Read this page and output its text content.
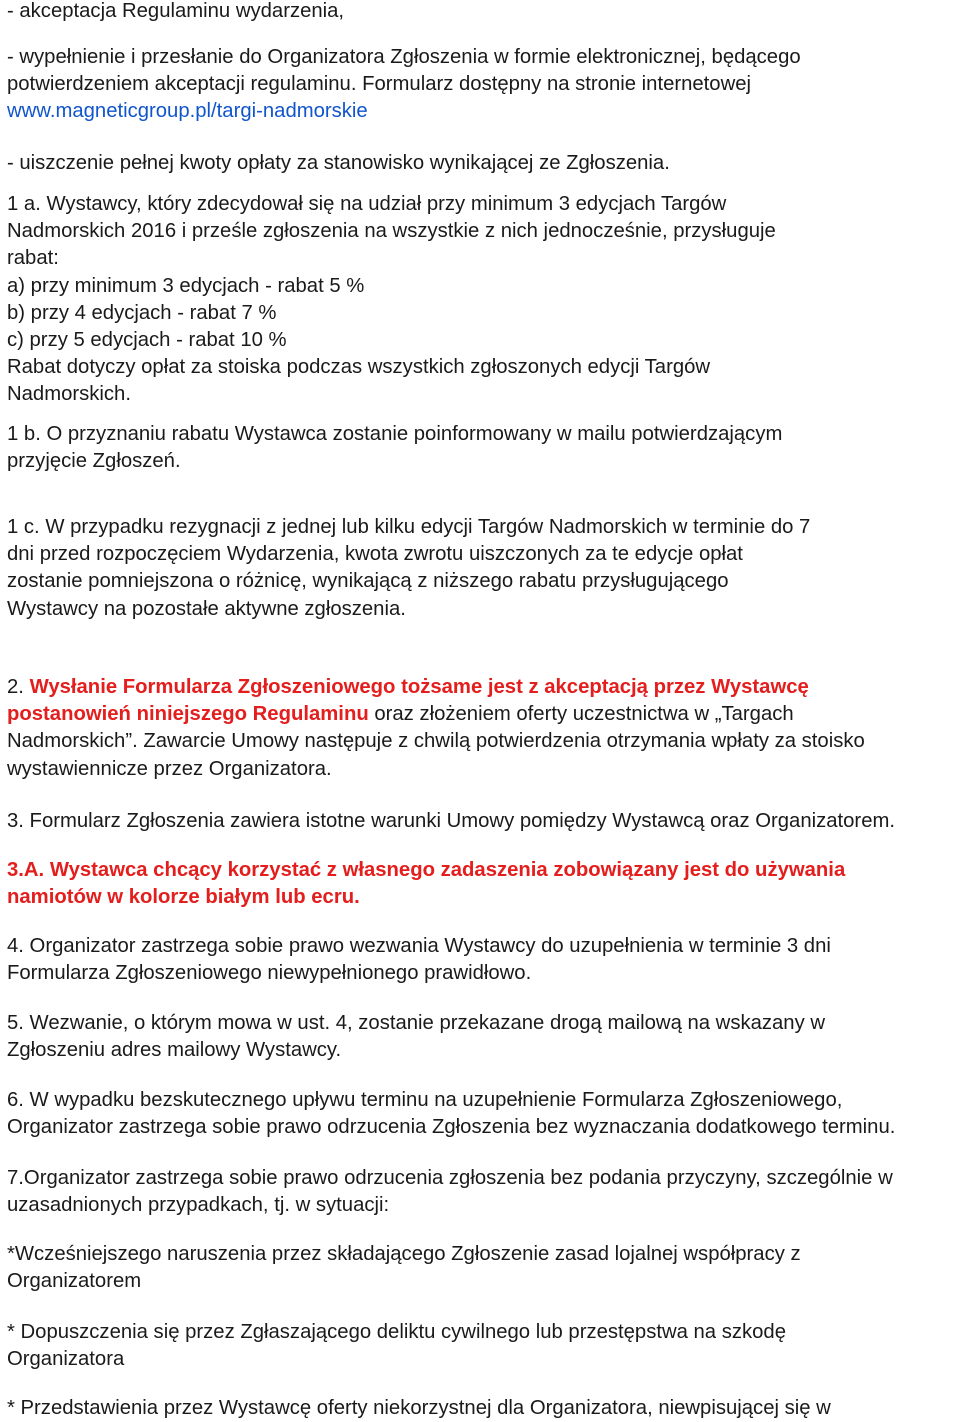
- akceptacja Regulaminu wydarzenia,

- wypełnienie i przesłanie do Organizatora Zgłoszenia w formie elektronicznej, będącego
potwierdzeniem akceptacji regulaminu. Formularz dostępny na stronie internetowej
www.magneticgroup.pl/targi-nadmorskie

- uiszczenie pełnej kwoty opłaty za stanowisko wynikającej ze Zgłoszenia.

1 a. Wystawcy, który zdecydował się na udział przy minimum 3 edycjach Targów
Nadmorskich 2016 i prześle zgłoszenia na wszystkie z nich jednocześnie, przysługuje
rabat:
a) przy minimum 3 edycjach - rabat 5 %
b) przy 4 edycjach - rabat 7 %
c) przy 5 edycjach - rabat 10 %
Rabat dotyczy opłat za stoiska podczas wszystkich zgłoszonych edycji Targów
Nadmorskich.

1 b. O przyznaniu rabatu Wystawca zostanie poinformowany w mailu potwierdzającym
przyjęcie Zgłoszeń.

1 c. W przypadku rezygnacji z jednej lub kilku edycji Targów Nadmorskich w terminie do 7
dni przed rozpoczęciem Wydarzenia, kwota zwrotu uiszczonych za te edycje opłat
zostanie pomniejszona o różnicę, wynikającą z niższego rabatu przysługującego
Wystawcy na pozostałe aktywne zgłoszenia.

2. Wysłanie Formularza Zgłoszeniowego tożsame jest z akceptacją przez Wystawcę
postanowień niniejszego Regulaminu oraz złożeniem oferty uczestnictwa w „Targach
Nadmorskich”. Zawarcie Umowy następuje z chwilą potwierdzenia otrzymania wpłaty za stoisko
wystawiennicze przez Organizatora.

3. Formularz Zgłoszenia zawiera istotne warunki Umowy pomiędzy Wystawcą oraz Organizatorem.

3.A. Wystawca chcący korzystać z własnego zadaszenia zobowiązany jest do używania
namiotów w kolorze białym lub ecru.

4. Organizator zastrzega sobie prawo wezwania Wystawcy do uzupełnienia w terminie 3 dni
Formularza Zgłoszeniowego niewypełnionego prawidłowo.

5. Wezwanie, o którym mowa w ust. 4, zostanie przekazane drogą mailową na wskazany w
Zgłoszeniu adres mailowy Wystawcy.

6. W wypadku bezskutecznego upływu terminu na uzupełnienie Formularza Zgłoszeniowego,
Organizator zastrzega sobie prawo odrzucenia Zgłoszenia bez wyznaczania dodatkowego terminu.

7.Organizator zastrzega sobie prawo odrzucenia zgłoszenia bez podania przyczyny, szczególnie w
uzasadnionych przypadkach, tj. w sytuacji:

*Wcześniejszego naruszenia przez składającego Zgłoszenie zasad lojalnej współpracy z
Organizatorem

* Dopuszczenia się przez Zgłaszającego deliktu cywilnego lub przestępstwa na szkodę
Organizatora

* Przedstawienia przez Wystawcę oferty niekorzystnej dla Organizatora, niewpisującej się w
